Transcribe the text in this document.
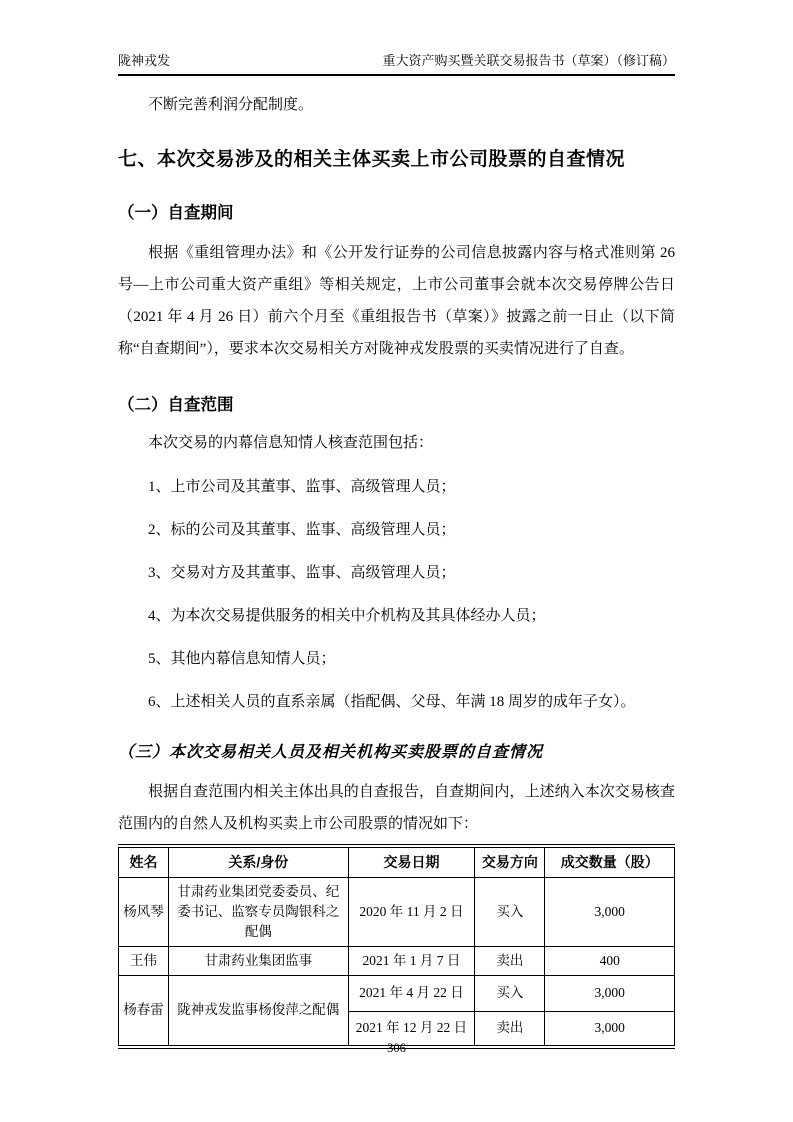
陇神戎发	重大资产购买暨关联交易报告书（草案）（修订稿）

不断完善利润分配制度。

七、本次交易涉及的相关主体买卖上市公司股票的自查情况
（一）自查期间

根据《重组管理办法》和《公开发行证券的公司信息披露内容与格式准则第 26 号—上市公司重大资产重组》等相关规定，上市公司董事会就本次交易停牌公告日（2021 年 4 月 26 日）前六个月至《重组报告书（草案）》披露之前一日止（以下简称“自查期间”），要求本次交易相关方对陇神戎发股票的买卖情况进行了自查。

（二）自查范围

本次交易的内幕信息知情人核查范围包括：

1、上市公司及其董事、监事、高级管理人员；

2、标的公司及其董事、监事、高级管理人员；

3、交易对方及其董事、监事、高级管理人员；

4、为本次交易提供服务的相关中介机构及其具体经办人员；

5、其他内幕信息知情人员；

6、上述相关人员的直系亲属（指配偶、父母、年满 18 周岁的成年子女）。

（三）本次交易相关人员及相关机构买卖股票的自查情况

根据自查范围内相关主体出具的自查报告，自查期间内，上述纳入本次交易核查范围内的自然人及机构买卖上市公司股票的情况如下：

姓名	关系/身份	交易日期	交易方向	成交数量（股）
杨风琴	甘肃药业集团党委委员、纪委书记、监察专员陶银科之配偶	2020 年 11 月 2 日	买入	3,000
王伟	甘肃药业集团监事	2021 年 1 月 7 日	卖出	400
杨春雷	陇神戎发监事杨俊萍之配偶	2021 年 4 月 22 日	买入	3,000
		2021 年 12 月 22 日	卖出	3,000
306
